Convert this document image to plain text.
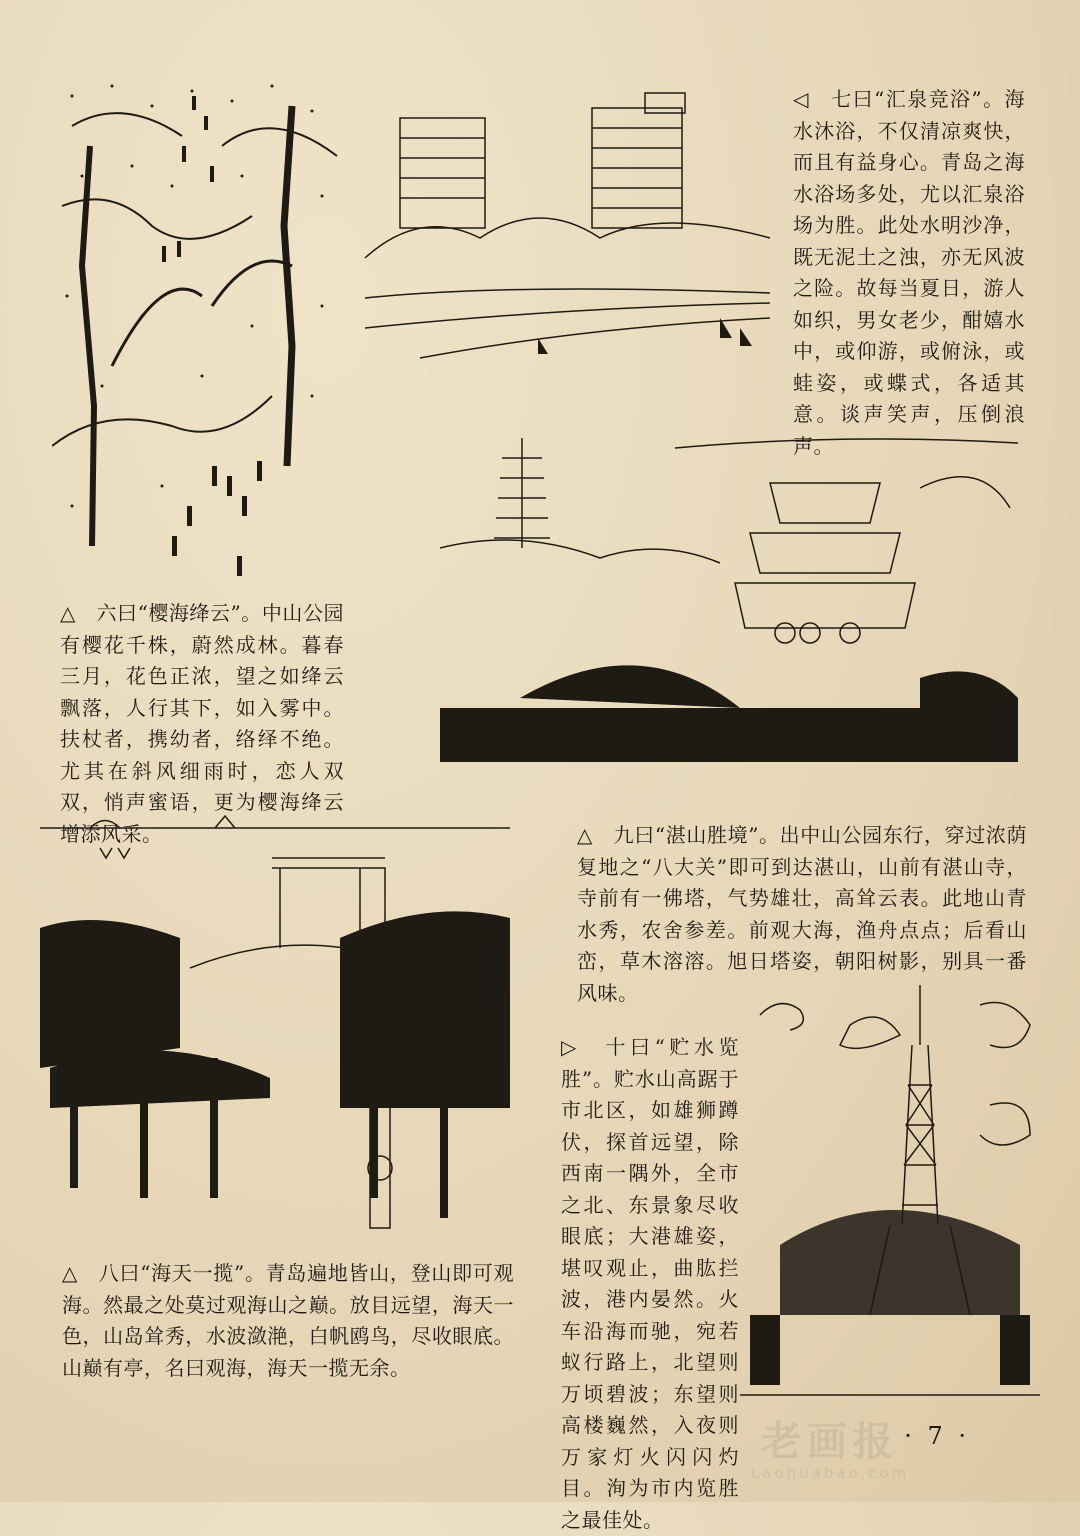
△　六曰“樱海绛云”。中山公园有樱花千株，蔚然成林。暮春三月，花色正浓，望之如绛云飘落，人行其下，如入雾中。扶杖者，携幼者，络绎不绝。尤其在斜风细雨时，恋人双双，悄声蜜语，更为樱海绛云增添风采。

◁　七曰“汇泉竞浴”。海水沐浴，不仅清凉爽快，而且有益身心。青岛之海水浴场多处，尤以汇泉浴场为胜。此处水明沙净，既无泥土之浊，亦无风波之险。故每当夏日，游人如织，男女老少，酣嬉水中，或仰游，或俯泳，或蛙姿，或蝶式，各适其意。谈声笑声，压倒浪声。

△　九曰“湛山胜境”。出中山公园东行，穿过浓荫复地之“八大关”即可到达湛山，山前有湛山寺，寺前有一佛塔，气势雄壮，高耸云表。此地山青水秀，农舍参差。前观大海，渔舟点点；后看山峦，草木溶溶。旭日塔姿，朝阳树影，别具一番风味。

△　八曰“海天一揽”。青岛遍地皆山，登山即可观海。然最之处莫过观海山之巅。放目远望，海天一色，山岛耸秀，水波潋滟，白帆鸥鸟，尽收眼底。山巅有亭，名曰观海，海天一揽无余。

▷　十曰“贮水览胜”。贮水山高踞于市北区，如雄狮蹲伏，探首远望，除西南一隅外，全市之北、东景象尽收眼底；大港雄姿，堪叹观止，曲肱拦波，港内晏然。火车沿海而驰，宛若蚁行路上，北望则万顷碧波；东望则高楼巍然，入夜则万家灯火闪闪灼目。洵为市内览胜之最佳处。

· 7 ·
老画报
Laohuabao.com
